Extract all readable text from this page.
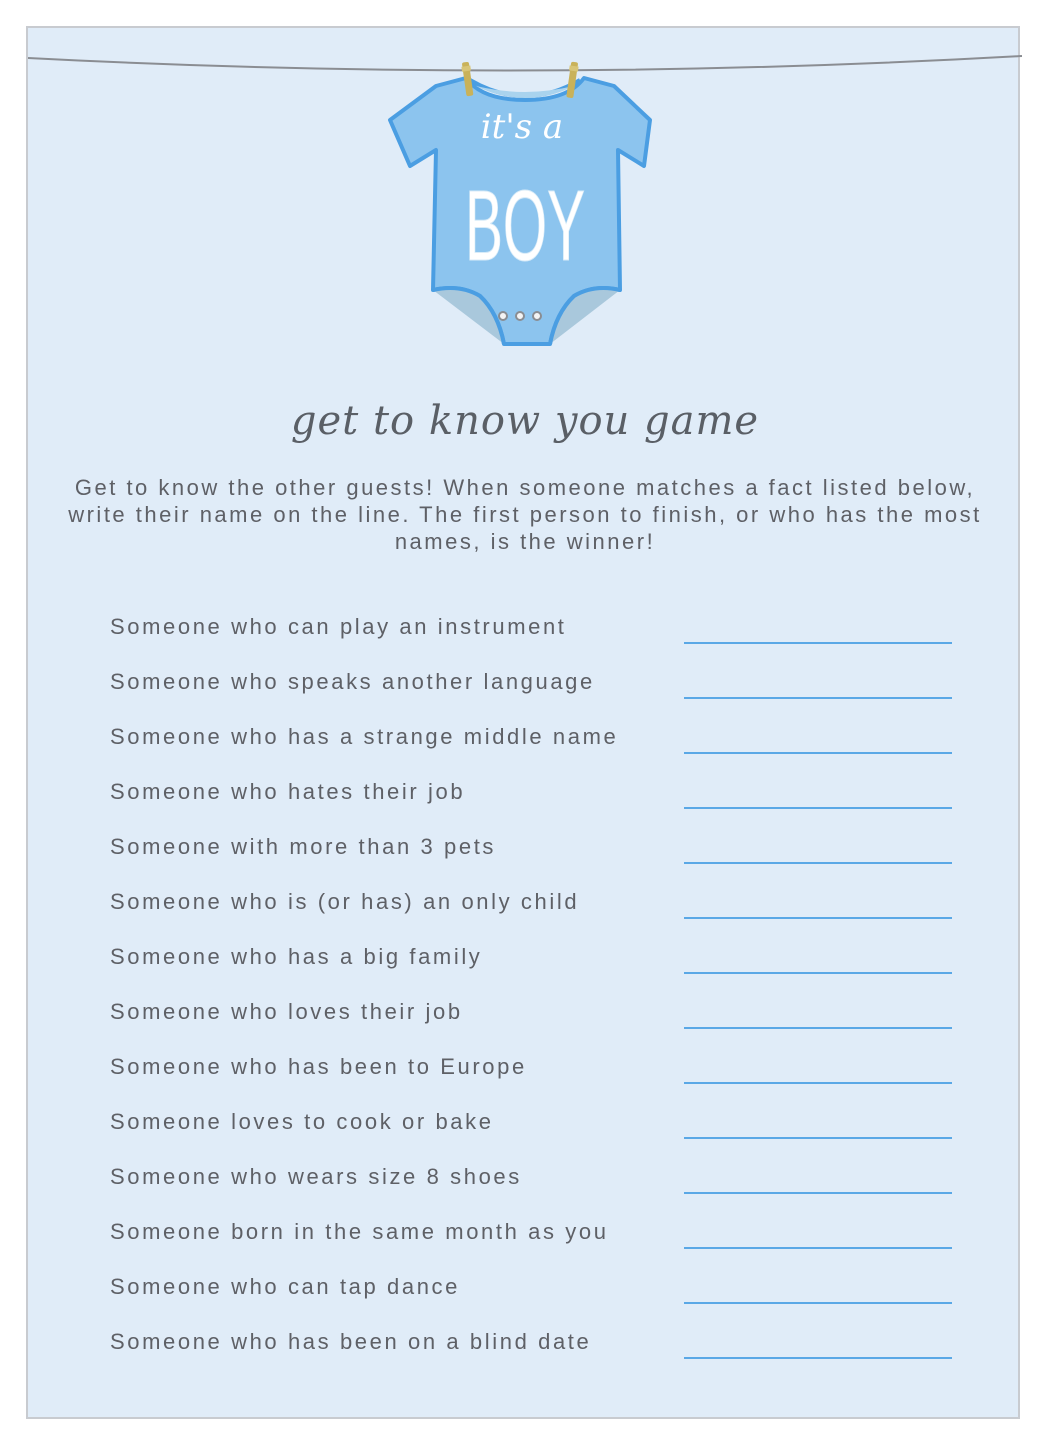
it's a
BOY
get to know you game
Get to know the other guests! When someone matches a fact listed below, write their name on the line. The first person to finish, or who has the most names, is the winner!
Someone who can play an instrument
Someone who speaks another language
Someone who has a strange middle name
Someone who hates their job
Someone with more than 3 pets
Someone who is (or has) an only child
Someone who has a big family
Someone who loves their job
Someone who has been to Europe
Someone loves to cook or bake
Someone who wears size 8 shoes
Someone born in the same month as you
Someone who can tap dance
Someone who has been on a blind date
